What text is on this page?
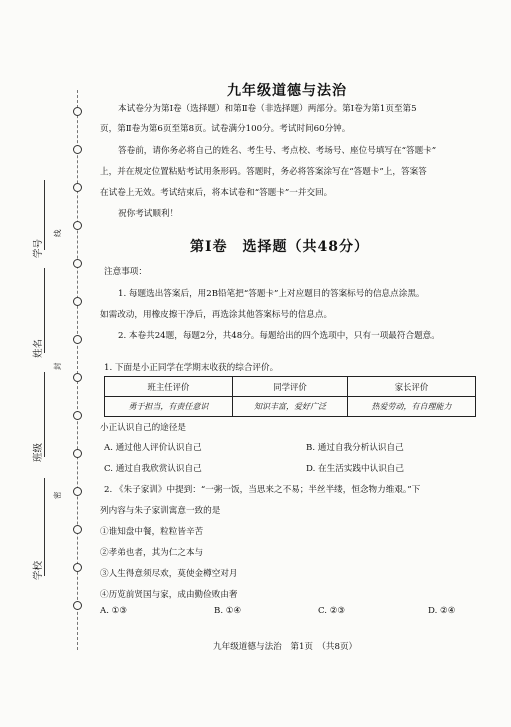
学号
姓名
班级
学校
线
封
密
九年级道德与法治
本试卷分为第Ⅰ卷（选择题）和第Ⅱ卷（非选择题）两部分。第Ⅰ卷为第1页至第5
页，第Ⅱ卷为第6页至第8页。试卷满分100分。考试时间60分钟。
答卷前，请你务必将自己的姓名、考生号、考点校、考场号、座位号填写在“答题卡”
上，并在规定位置粘贴考试用条形码。答题时，务必将答案涂写在“答题卡”上，答案答
在试卷上无效。考试结束后，将本试卷和“答题卡”一并交回。
祝你考试顺利！
第Ⅰ卷　选择题（共48分）
注意事项：
1. 每题选出答案后，用2B铅笔把“答题卡”上对应题目的答案标号的信息点涂黑。
如需改动，用橡皮擦干净后，再选涂其他答案标号的信息点。
2. 本卷共24题，每题2分，共48分。每题给出的四个选项中，只有一项最符合题意。
1. 下面是小正同学在学期末收获的综合评价。
班主任评价	同学评价	家长评价
勇于担当，有责任意识	知识丰富，爱好广泛	热爱劳动，有自理能力
小正认识自己的途径是
A. 通过他人评价认识自己	B. 通过自我分析认识自己
C. 通过自我欣赏认识自己	D. 在生活实践中认识自己
2. 《朱子家训》中提到：“一粥一饭，当思来之不易；半丝半缕，恒念物力维艰。”下
列内容与朱子家训寓意一致的是
①谁知盘中餐，粒粒皆辛苦
②孝弟也者，其为仁之本与
③人生得意须尽欢，莫使金樽空对月
④历览前贤国与家，成由勤俭败由奢
A. ①③	B. ①④	C. ②③	D. ②④
九年级道德与法治　第1页　（共8页）
